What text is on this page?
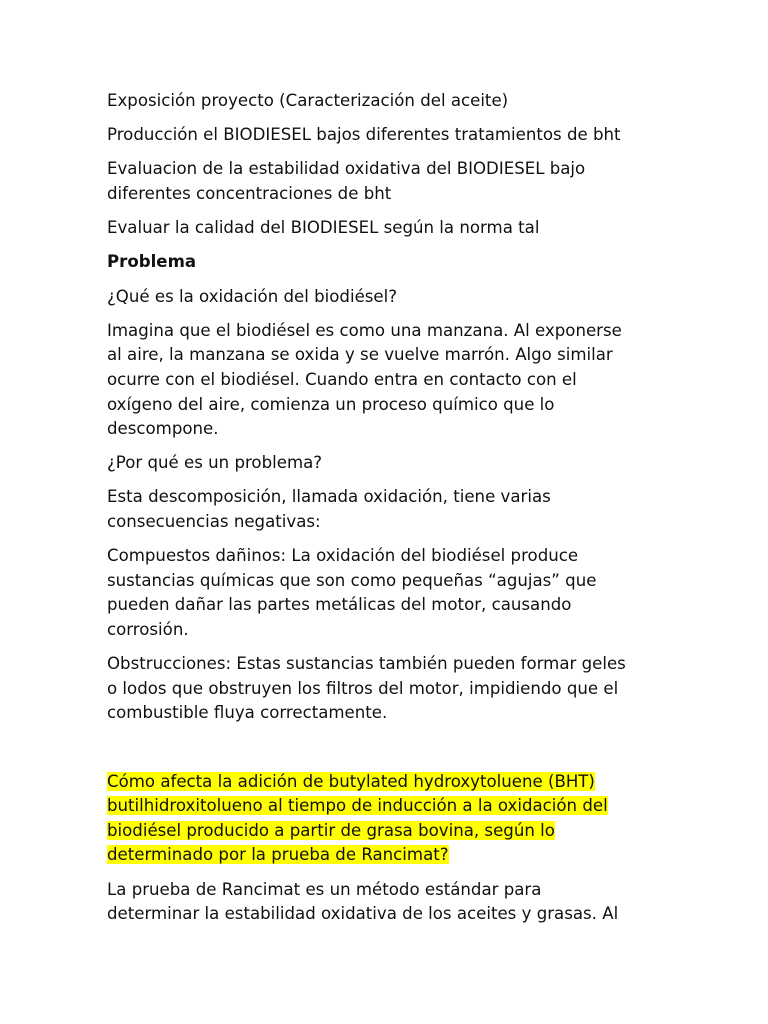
Exposición proyecto (Caracterización del aceite)

Producción el BIODIESEL bajos diferentes tratamientos de bht

Evaluacion de la estabilidad oxidativa del BIODIESEL bajo
diferentes concentraciones de bht

Evaluar la calidad del BIODIESEL según la norma tal

Problema

¿Qué es la oxidación del biodiésel?

Imagina que el biodiésel es como una manzana. Al exponerse
al aire, la manzana se oxida y se vuelve marrón. Algo similar
ocurre con el biodiésel. Cuando entra en contacto con el
oxígeno del aire, comienza un proceso químico que lo
descompone.

¿Por qué es un problema?

Esta descomposición, llamada oxidación, tiene varias
consecuencias negativas:

Compuestos dañinos: La oxidación del biodiésel produce
sustancias químicas que son como pequeñas “agujas” que
pueden dañar las partes metálicas del motor, causando
corrosión.

Obstrucciones: Estas sustancias también pueden formar geles
o lodos que obstruyen los filtros del motor, impidiendo que el
combustible fluya correctamente.

Cómo afecta la adición de butylated hydroxytoluene (BHT)
butilhidroxitolueno al tiempo de inducción a la oxidación del
biodiésel producido a partir de grasa bovina, según lo
determinado por la prueba de Rancimat?

La prueba de Rancimat es un método estándar para
determinar la estabilidad oxidativa de los aceites y grasas. Al
